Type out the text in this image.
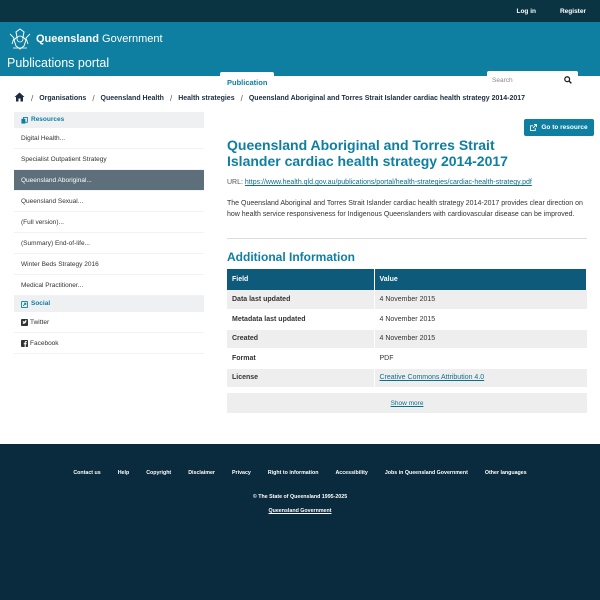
Log in	Register
Queensland Government
Publications portal
Publication	Standards	Organisations	Gazettes	Contact
Search
/ Organisations / Queensland Health / Health strategies / Queensland Aboriginal and Torres Strait Islander cardiac health strategy 2014-2017
Resources
Digital Health...
Specialist Outpatient Strategy
Queensland Aboriginal...
Queensland Sexual...
(Full version)...
(Summary) End-of-life...
Winter Beds Strategy 2016
Medical Practitioner...
Social
Twitter
Facebook
Go to resource
Queensland Aboriginal and Torres Strait Islander cardiac health strategy 2014-2017
URL: https://www.health.qld.gov.au/publications/portal/health-strategies/cardiac-health-strategy.pdf

The Queensland Aboriginal and Torres Strait Islander cardiac health strategy 2014-2017 provides clear direction on how health service responsiveness for Indigenous Queenslanders with cardiovascular disease can be improved.

Additional Information
Field	Value
Data last updated	4 November 2015
Metadata last updated	4 November 2015
Created	4 November 2015
Format	PDF
License	Creative Commons Attribution 4.0
Show more
Contact us	Help	Copyright	Disclaimer	Privacy	Right to information	Accessibility	Jobs in Queensland Government	Other languages
© The State of Queensland 1995-2025
Queensland Government
